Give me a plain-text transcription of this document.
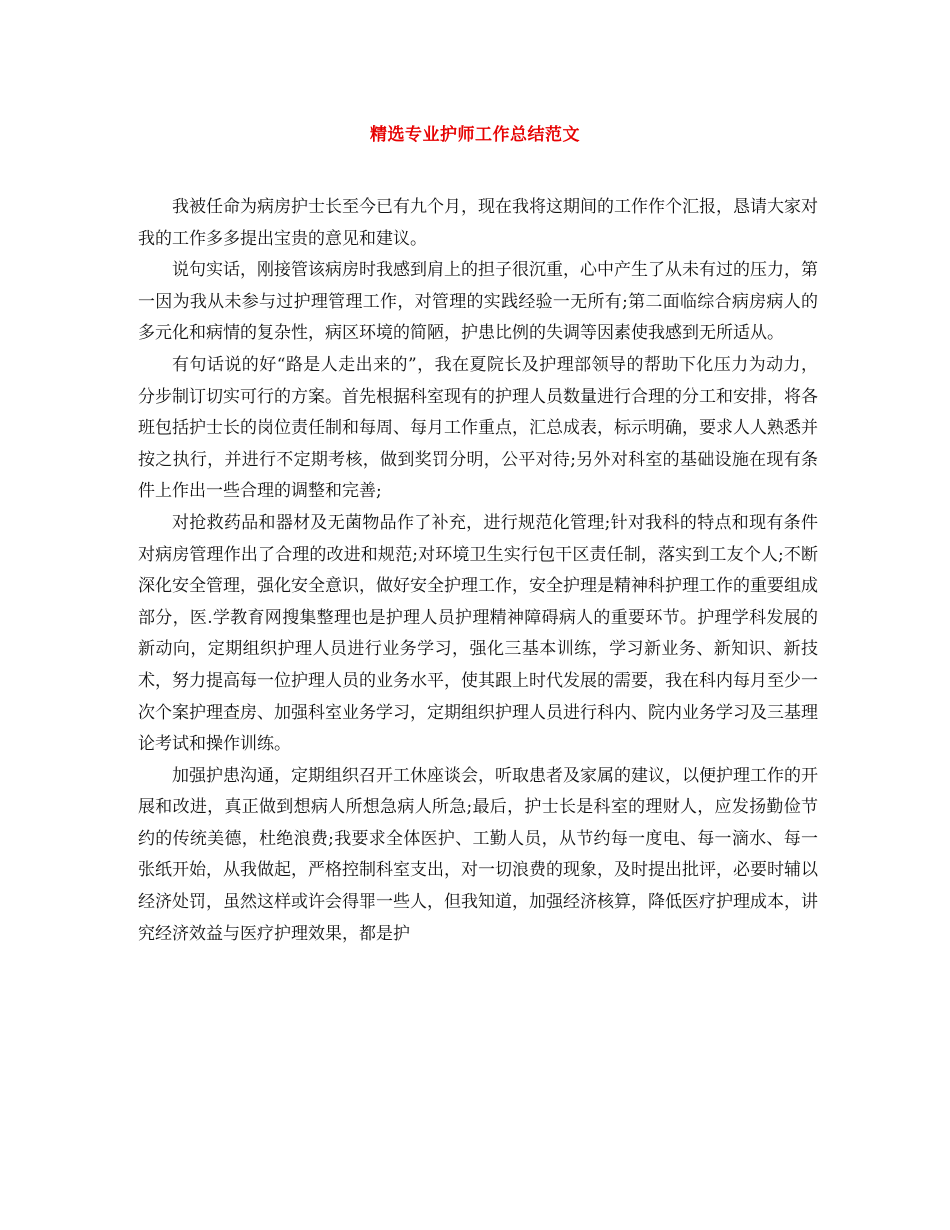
精选专业护师工作总结范文

我被任命为病房护士长至今已有九个月，现在我将这期间的工作作个汇报，恳请大家对我的工作多多提出宝贵的意见和建议。

说句实话，刚接管该病房时我感到肩上的担子很沉重，心中产生了从未有过的压力，第一因为我从未参与过护理管理工作，对管理的实践经验一无所有;第二面临综合病房病人的多元化和病情的复杂性，病区环境的简陋，护患比例的失调等因素使我感到无所适从。

有句话说的好“路是人走出来的”，我在夏院长及护理部领导的帮助下化压力为动力，分步制订切实可行的方案。首先根据科室现有的护理人员数量进行合理的分工和安排，将各班包括护士长的岗位责任制和每周、每月工作重点，汇总成表，标示明确，要求人人熟悉并按之执行，并进行不定期考核，做到奖罚分明，公平对待;另外对科室的基础设施在现有条件上作出一些合理的调整和完善;

对抢救药品和器材及无菌物品作了补充，进行规范化管理;针对我科的特点和现有条件对病房管理作出了合理的改进和规范;对环境卫生实行包干区责任制，落实到工友个人;不断深化安全管理，强化安全意识，做好安全护理工作，安全护理是精神科护理工作的重要组成部分，医.学教育网搜集整理也是护理人员护理精神障碍病人的重要环节。护理学科发展的新动向，定期组织护理人员进行业务学习，强化三基本训练，学习新业务、新知识、新技术，努力提高每一位护理人员的业务水平，使其跟上时代发展的需要，我在科内每月至少一次个案护理查房、加强科室业务学习，定期组织护理人员进行科内、院内业务学习及三基理论考试和操作训练。

加强护患沟通，定期组织召开工休座谈会，听取患者及家属的建议，以便护理工作的开展和改进，真正做到想病人所想急病人所急;最后，护士长是科室的理财人，应发扬勤俭节约的传统美德，杜绝浪费;我要求全体医护、工勤人员，从节约每一度电、每一滴水、每一张纸开始，从我做起，严格控制科室支出，对一切浪费的现象，及时提出批评，必要时辅以经济处罚，虽然这样或许会得罪一些人，但我知道，加强经济核算，降低医疗护理成本，讲究经济效益与医疗护理效果，都是护
